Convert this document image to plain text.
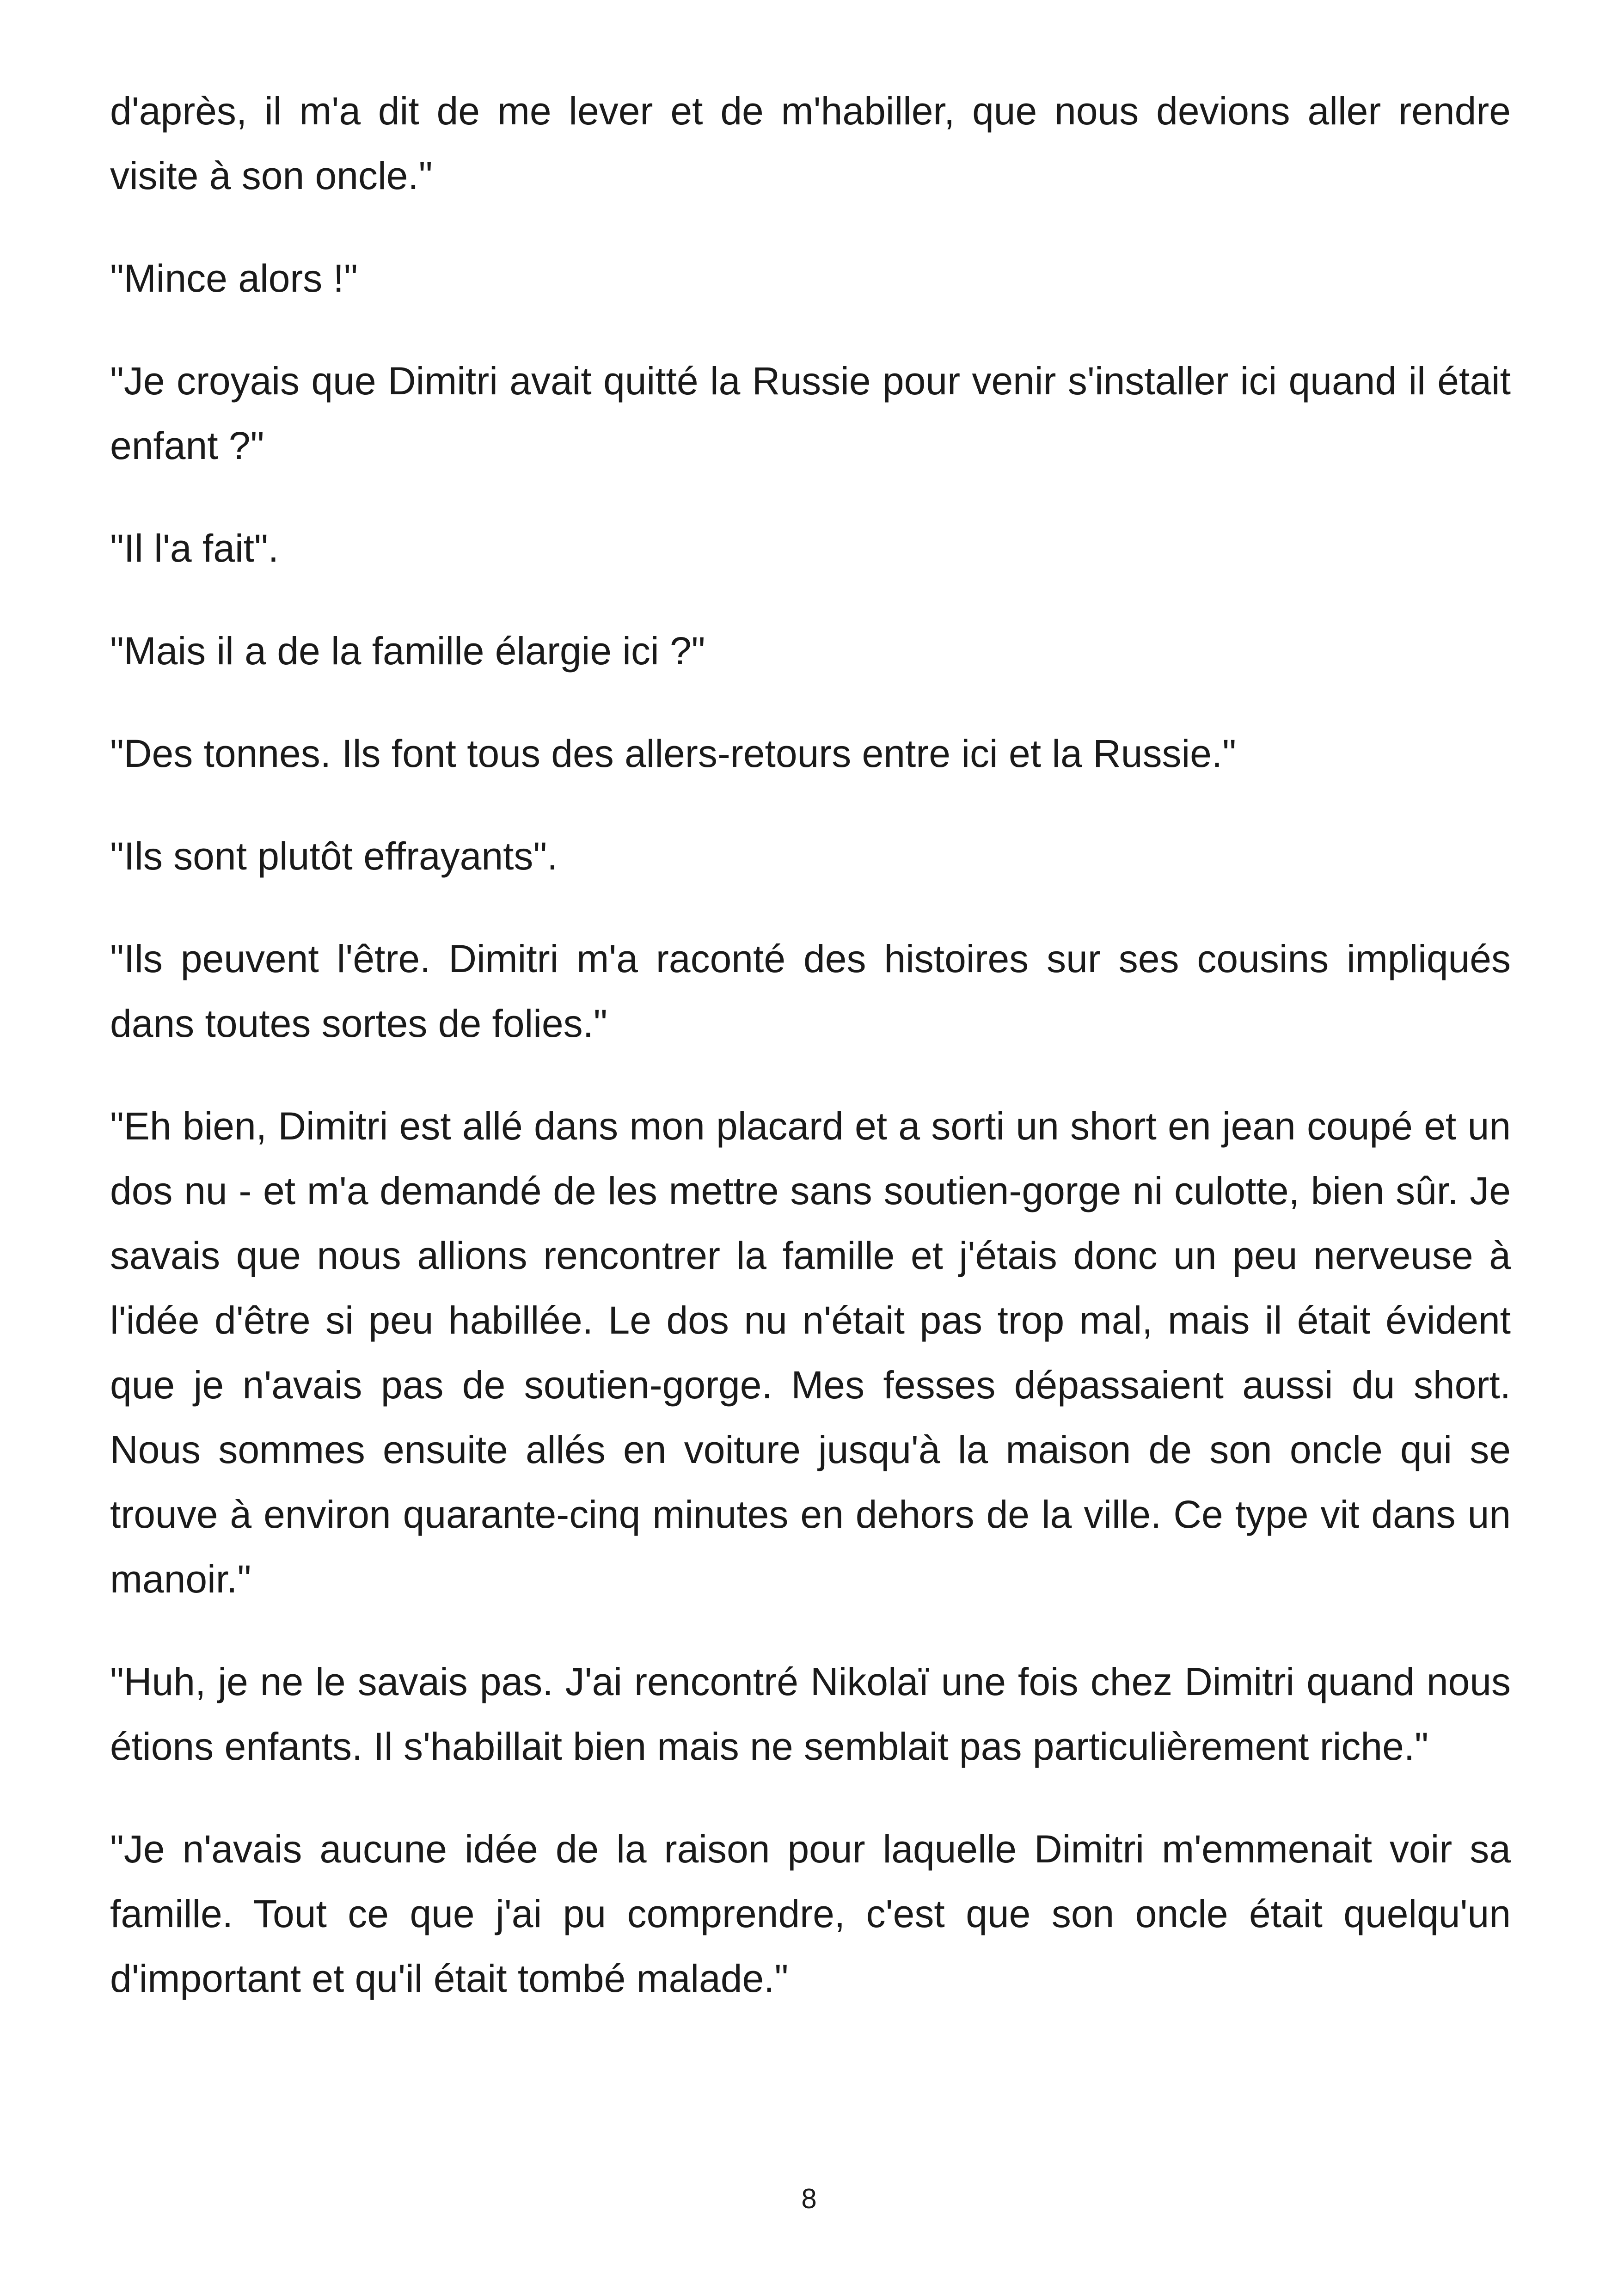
d'après, il m'a dit de me lever et de m'habiller, que nous devions aller rendre visite à son oncle."

"Mince alors !"

"Je croyais que Dimitri avait quitté la Russie pour venir s'installer ici quand il était enfant ?"

"Il l'a fait".

"Mais il a de la famille élargie ici ?"

"Des tonnes. Ils font tous des allers-retours entre ici et la Russie."

"Ils sont plutôt effrayants".

"Ils peuvent l'être. Dimitri m'a raconté des histoires sur ses cousins impliqués dans toutes sortes de folies."

"Eh bien, Dimitri est allé dans mon placard et a sorti un short en jean coupé et un dos nu - et m'a demandé de les mettre sans soutien-gorge ni culotte, bien sûr. Je savais que nous allions rencontrer la famille et j'étais donc un peu nerveuse à l'idée d'être si peu habillée. Le dos nu n'était pas trop mal, mais il était évident que je n'avais pas de soutien-gorge. Mes fesses dépassaient aussi du short. Nous sommes ensuite allés en voiture jusqu'à la maison de son oncle qui se trouve à environ quarante-cinq minutes en dehors de la ville. Ce type vit dans un manoir."

"Huh, je ne le savais pas. J'ai rencontré Nikolaï une fois chez Dimitri quand nous étions enfants. Il s'habillait bien mais ne semblait pas particulièrement riche."

"Je n'avais aucune idée de la raison pour laquelle Dimitri m'emmenait voir sa famille. Tout ce que j'ai pu comprendre, c'est que son oncle était quelqu'un d'important et qu'il était tombé malade."

8
